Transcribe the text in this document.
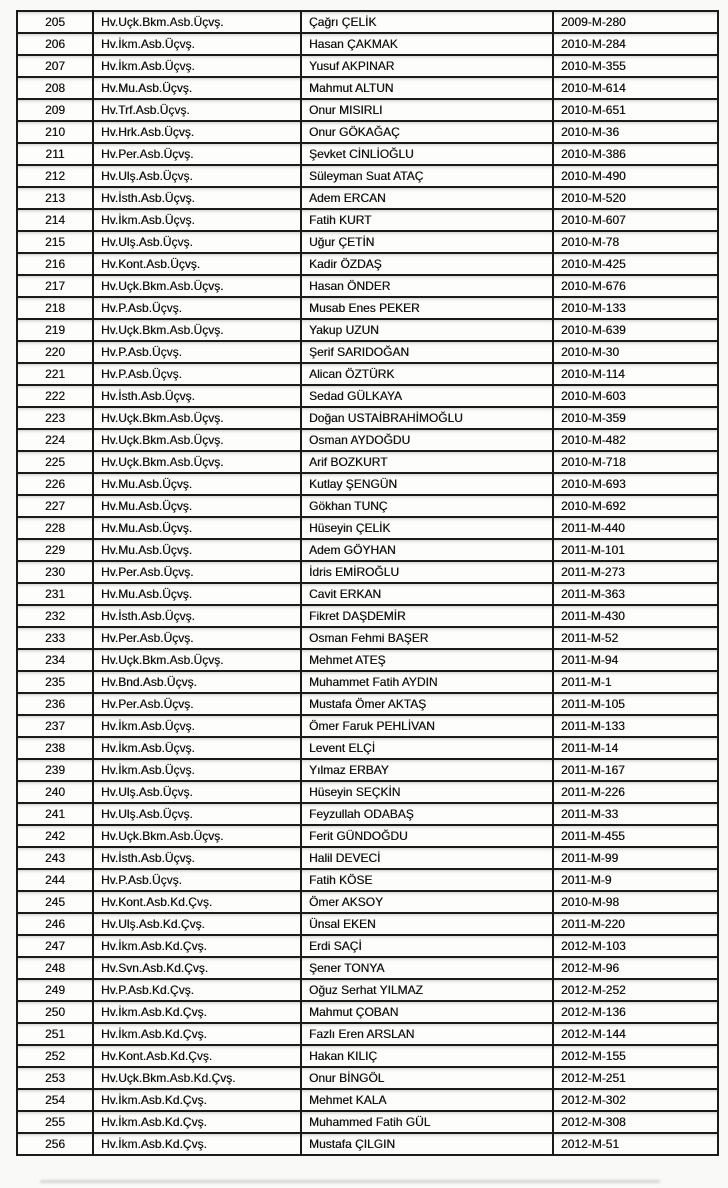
205	Hv.Uçk.Bkm.Asb.Üçvş.	Çağrı ÇELİK	2009-M-280
206	Hv.İkm.Asb.Üçvş.	Hasan ÇAKMAK	2010-M-284
207	Hv.İkm.Asb.Üçvş.	Yusuf AKPINAR	2010-M-355
208	Hv.Mu.Asb.Üçvş.	Mahmut ALTUN	2010-M-614
209	Hv.Trf.Asb.Üçvş.	Onur MISIRLI	2010-M-651
210	Hv.Hrk.Asb.Üçvş.	Onur GÖKAĞAÇ	2010-M-36
211	Hv.Per.Asb.Üçvş.	Şevket CİNLİOĞLU	2010-M-386
212	Hv.Ulş.Asb.Üçvş.	Süleyman Suat ATAÇ	2010-M-490
213	Hv.İsth.Asb.Üçvş.	Adem ERCAN	2010-M-520
214	Hv.İkm.Asb.Üçvş.	Fatih KURT	2010-M-607
215	Hv.Ulş.Asb.Üçvş.	Uğur ÇETİN	2010-M-78
216	Hv.Kont.Asb.Üçvş.	Kadir ÖZDAŞ	2010-M-425
217	Hv.Uçk.Bkm.Asb.Üçvş.	Hasan ÖNDER	2010-M-676
218	Hv.P.Asb.Üçvş.	Musab Enes PEKER	2010-M-133
219	Hv.Uçk.Bkm.Asb.Üçvş.	Yakup UZUN	2010-M-639
220	Hv.P.Asb.Üçvş.	Şerif SARIDOĞAN	2010-M-30
221	Hv.P.Asb.Üçvş.	Alican ÖZTÜRK	2010-M-114
222	Hv.İsth.Asb.Üçvş.	Sedad GÜLKAYA	2010-M-603
223	Hv.Uçk.Bkm.Asb.Üçvş.	Doğan USTAİBRAHİMOĞLU	2010-M-359
224	Hv.Uçk.Bkm.Asb.Üçvş.	Osman AYDOĞDU	2010-M-482
225	Hv.Uçk.Bkm.Asb.Üçvş.	Arif BOZKURT	2010-M-718
226	Hv.Mu.Asb.Üçvş.	Kutlay ŞENGÜN	2010-M-693
227	Hv.Mu.Asb.Üçvş.	Gökhan TUNÇ	2010-M-692
228	Hv.Mu.Asb.Üçvş.	Hüseyin ÇELİK	2011-M-440
229	Hv.Mu.Asb.Üçvş.	Adem GÖYHAN	2011-M-101
230	Hv.Per.Asb.Üçvş.	İdris EMİROĞLU	2011-M-273
231	Hv.Mu.Asb.Üçvş.	Cavit ERKAN	2011-M-363
232	Hv.İsth.Asb.Üçvş.	Fikret DAŞDEMİR	2011-M-430
233	Hv.Per.Asb.Üçvş.	Osman Fehmi BAŞER	2011-M-52
234	Hv.Uçk.Bkm.Asb.Üçvş.	Mehmet ATEŞ	2011-M-94
235	Hv.Bnd.Asb.Üçvş.	Muhammet Fatih AYDIN	2011-M-1
236	Hv.Per.Asb.Üçvş.	Mustafa Ömer AKTAŞ	2011-M-105
237	Hv.İkm.Asb.Üçvş.	Ömer Faruk PEHLİVAN	2011-M-133
238	Hv.İkm.Asb.Üçvş.	Levent ELÇİ	2011-M-14
239	Hv.İkm.Asb.Üçvş.	Yılmaz ERBAY	2011-M-167
240	Hv.Ulş.Asb.Üçvş.	Hüseyin SEÇKİN	2011-M-226
241	Hv.Ulş.Asb.Üçvş.	Feyzullah ODABAŞ	2011-M-33
242	Hv.Uçk.Bkm.Asb.Üçvş.	Ferit GÜNDOĞDU	2011-M-455
243	Hv.İsth.Asb.Üçvş.	Halil DEVECİ	2011-M-99
244	Hv.P.Asb.Üçvş.	Fatih KÖSE	2011-M-9
245	Hv.Kont.Asb.Kd.Çvş.	Ömer AKSOY	2010-M-98
246	Hv.Ulş.Asb.Kd.Çvş.	Ünsal EKEN	2011-M-220
247	Hv.İkm.Asb.Kd.Çvş.	Erdi SAÇİ	2012-M-103
248	Hv.Svn.Asb.Kd.Çvş.	Şener TONYA	2012-M-96
249	Hv.P.Asb.Kd.Çvş.	Oğuz Serhat YILMAZ	2012-M-252
250	Hv.İkm.Asb.Kd.Çvş.	Mahmut ÇOBAN	2012-M-136
251	Hv.İkm.Asb.Kd.Çvş.	Fazlı Eren ARSLAN	2012-M-144
252	Hv.Kont.Asb.Kd.Çvş.	Hakan KILIÇ	2012-M-155
253	Hv.Uçk.Bkm.Asb.Kd.Çvş.	Onur BİNGÖL	2012-M-251
254	Hv.İkm.Asb.Kd.Çvş.	Mehmet KALA	2012-M-302
255	Hv.İkm.Asb.Kd.Çvş.	Muhammed Fatih GÜL	2012-M-308
256	Hv.İkm.Asb.Kd.Çvş.	Mustafa ÇILGIN	2012-M-51
